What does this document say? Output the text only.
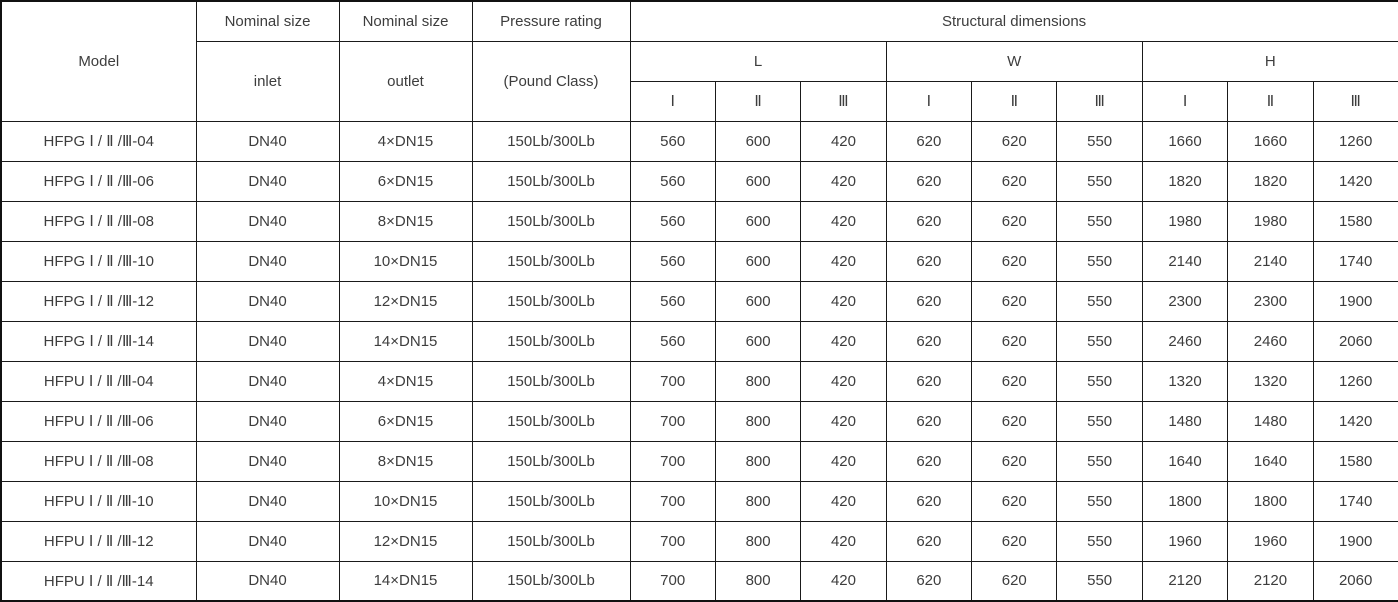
Model	Nominal size	Nominal size	Pressure rating	Structural dimensions								
	inlet	outlet	(Pound Class)	L			W			H		
				Ⅰ	Ⅱ	Ⅲ	Ⅰ	Ⅱ	Ⅲ	Ⅰ	Ⅱ	Ⅲ
HFPG Ⅰ / Ⅱ /Ⅲ-04	DN40	4×DN15	150Lb/300Lb	560	600	420	620	620	550	1660	1660	1260
HFPG Ⅰ / Ⅱ /Ⅲ-06	DN40	6×DN15	150Lb/300Lb	560	600	420	620	620	550	1820	1820	1420
HFPG Ⅰ / Ⅱ /Ⅲ-08	DN40	8×DN15	150Lb/300Lb	560	600	420	620	620	550	1980	1980	1580
HFPG Ⅰ / Ⅱ /Ⅲ-10	DN40	10×DN15	150Lb/300Lb	560	600	420	620	620	550	2140	2140	1740
HFPG Ⅰ / Ⅱ /Ⅲ-12	DN40	12×DN15	150Lb/300Lb	560	600	420	620	620	550	2300	2300	1900
HFPG Ⅰ / Ⅱ /Ⅲ-14	DN40	14×DN15	150Lb/300Lb	560	600	420	620	620	550	2460	2460	2060
HFPU Ⅰ / Ⅱ /Ⅲ-04	DN40	4×DN15	150Lb/300Lb	700	800	420	620	620	550	1320	1320	1260
HFPU Ⅰ / Ⅱ /Ⅲ-06	DN40	6×DN15	150Lb/300Lb	700	800	420	620	620	550	1480	1480	1420
HFPU Ⅰ / Ⅱ /Ⅲ-08	DN40	8×DN15	150Lb/300Lb	700	800	420	620	620	550	1640	1640	1580
HFPU Ⅰ / Ⅱ /Ⅲ-10	DN40	10×DN15	150Lb/300Lb	700	800	420	620	620	550	1800	1800	1740
HFPU Ⅰ / Ⅱ /Ⅲ-12	DN40	12×DN15	150Lb/300Lb	700	800	420	620	620	550	1960	1960	1900
HFPU Ⅰ / Ⅱ /Ⅲ-14	DN40	14×DN15	150Lb/300Lb	700	800	420	620	620	550	2120	2120	2060
